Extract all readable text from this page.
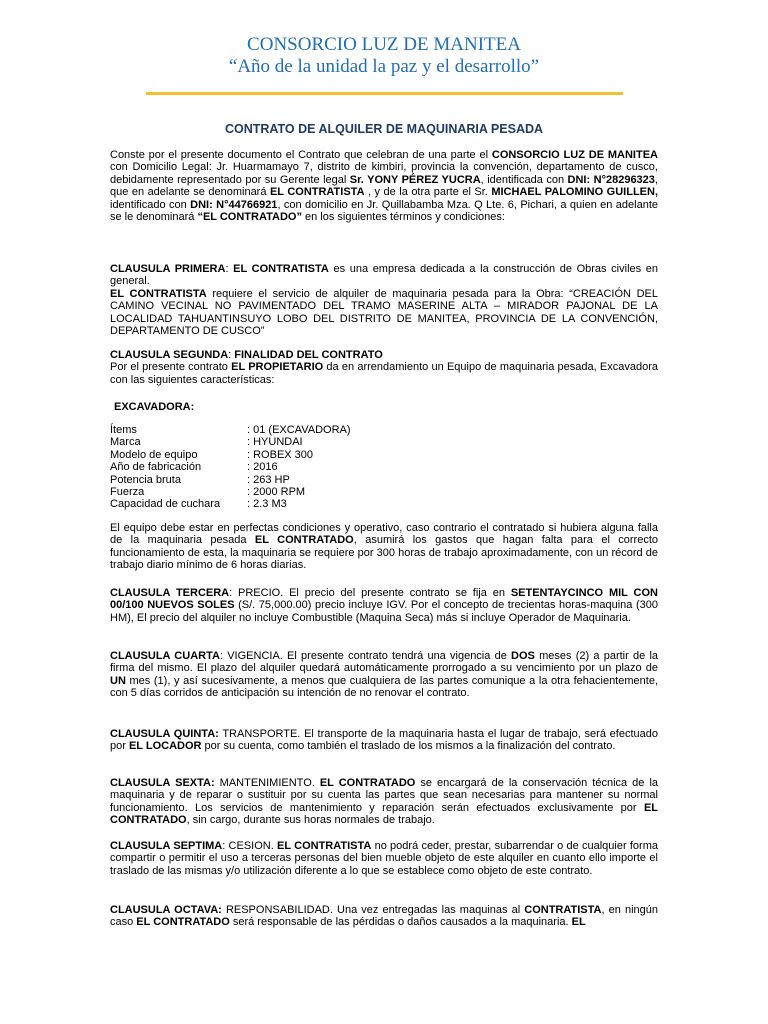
CONSORCIO LUZ DE MANITEA
“Año de la unidad la paz y el desarrollo”
CONTRATO DE ALQUILER DE MAQUINARIA PESADA
Conste por el presente documento el Contrato que celebran de una parte el CONSORCIO LUZ DE MANITEA con Domicilio Legal: Jr. Huarmamayo 7, distrito de kimbiri, provincia la convención, departamento de cusco, debidamente representado por su Gerente legal Sr. YONY PÉREZ YUCRA, identificada con DNI: N°28296323, que en adelante se denominará EL CONTRATISTA , y de la otra parte el Sr. MICHAEL PALOMINO GUILLEN, identificado con DNI: N°44766921, con domicilio en Jr. Quillabamba Mza. Q Lte. 6, Pichari, a quien en adelante se le denominará “EL CONTRATADO” en los siguientes términos y condiciones:
CLAUSULA PRIMERA: EL CONTRATISTA es una empresa dedicada a la construcción de Obras civiles en general.
EL CONTRATISTA requiere el servicio de alquiler de maquinaria pesada para la Obra: “CREACIÓN DEL CAMINO VECINAL NO PAVIMENTADO DEL TRAMO MASERINE ALTA – MIRADOR PAJONAL DE LA LOCALIDAD TAHUANTINSUYO LOBO DEL DISTRITO DE MANITEA, PROVINCIA DE LA CONVENCIÓN, DEPARTAMENTO DE CUSCO”
CLAUSULA SEGUNDA: FINALIDAD DEL CONTRATO
Por el presente contrato EL PROPIETARIO da en arrendamiento un Equipo de maquinaria pesada, Excavadora con las siguientes características:
EXCAVADORA:
Ítems	: 01 (EXCAVADORA)
Marca	: HYUNDAI
Modelo de equipo	: ROBEX 300
Año de fabricación	: 2016
Potencia bruta	: 263 HP
Fuerza	: 2000 RPM
Capacidad de cuchara	: 2.3 M3
El equipo debe estar en perfectas condiciones y operativo, caso contrario el contratado si hubiera alguna falla de la maquinaria pesada EL CONTRATADO, asumirá los gastos que hagan falta para el correcto funcionamiento de esta, la maquinaria se requiere por 300 horas de trabajo aproximadamente, con un récord de trabajo diario mínimo de 6 horas diarias.
CLAUSULA TERCERA: PRECIO. El precio del presente contrato se fija en SETENTAYCINCO MIL CON 00/100 NUEVOS SOLES (S/. 75,000.00) precio incluye IGV. Por el concepto de trecientas horas-maquina (300 HM), El precio del alquiler no incluye Combustible (Maquina Seca) más si incluye Operador de Maquinaria.
CLAUSULA CUARTA: VIGENCIA. El presente contrato tendrá una vigencia de DOS meses (2) a partir de la firma del mismo. El plazo del alquiler quedará automáticamente prorrogado a su vencimiento por un plazo de UN mes (1), y así sucesivamente, a menos que cualquiera de las partes comunique a la otra fehacientemente, con 5 días corridos de anticipación su intención de no renovar el contrato.
CLAUSULA QUINTA: TRANSPORTE. El transporte de la maquinaria hasta el lugar de trabajo, será efectuado por EL LOCADOR por su cuenta, como también el traslado de los mismos a la finalización del contrato.
CLAUSULA SEXTA: MANTENIMIENTO. EL CONTRATADO se encargará de la conservación técnica de la maquinaria y de reparar o sustituir por su cuenta las partes que sean necesarias para mantener su normal funcionamiento. Los servicios de mantenimiento y reparación serán efectuados exclusivamente por EL CONTRATADO, sin cargo, durante sus horas normales de trabajo.
CLAUSULA SEPTIMA: CESION. EL CONTRATISTA no podrá ceder, prestar, subarrendar o de cualquier forma compartir o permitir el uso a terceras personas del bien mueble objeto de este alquiler en cuanto ello importe el traslado de las mismas y/o utilización diferente a lo que se establece como objeto de este contrato.
CLAUSULA OCTAVA: RESPONSABILIDAD. Una vez entregadas las maquinas al CONTRATISTA, en ningún caso EL CONTRATADO será responsable de las pérdidas o daños causados a la maquinaria. EL
